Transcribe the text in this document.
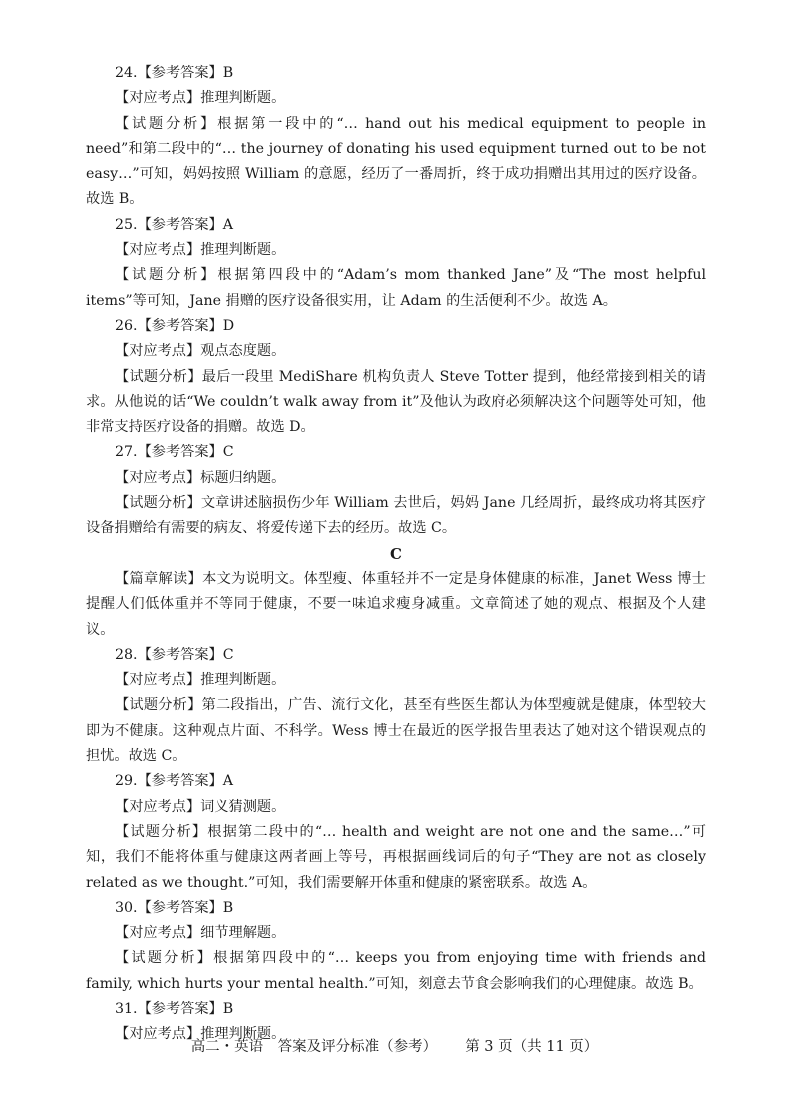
24.【参考答案】B
【对应考点】推理判断题。

【试题分析】根据第一段中的“… hand out his medical equipment to people in need”和第二段中的“… the journey of donating his used equipment turned out to be not easy…”可知，妈妈按照 William 的意愿，经历了一番周折，终于成功捐赠出其用过的医疗设备。故选 B。

25.【参考答案】A
【对应考点】推理判断题。

【试题分析】根据第四段中的“Adam’s mom thanked Jane”及“The most helpful items”等可知，Jane 捐赠的医疗设备很实用，让 Adam 的生活便利不少。故选 A。

26.【参考答案】D
【对应考点】观点态度题。

【试题分析】最后一段里 MediShare 机构负责人 Steve Totter 提到，他经常接到相关的请求。从他说的话“We couldn’t walk away from it”及他认为政府必须解决这个问题等处可知，他非常支持医疗设备的捐赠。故选 D。

27.【参考答案】C
【对应考点】标题归纳题。

【试题分析】文章讲述脑损伤少年 William 去世后，妈妈 Jane 几经周折，最终成功将其医疗设备捐赠给有需要的病友、将爱传递下去的经历。故选 C。

C

【篇章解读】本文为说明文。体型瘦、体重轻并不一定是身体健康的标准，Janet Wess 博士提醒人们低体重并不等同于健康，不要一味追求瘦身减重。文章简述了她的观点、根据及个人建议。

28.【参考答案】C
【对应考点】推理判断题。

【试题分析】第二段指出，广告、流行文化，甚至有些医生都认为体型瘦就是健康，体型较大即为不健康。这种观点片面、不科学。Wess 博士在最近的医学报告里表达了她对这个错误观点的担忧。故选 C。

29.【参考答案】A
【对应考点】词义猜测题。

【试题分析】根据第二段中的“… health and weight are not one and the same…”可知，我们不能将体重与健康这两者画上等号，再根据画线词后的句子“They are not as closely related as we thought.”可知，我们需要解开体重和健康的紧密联系。故选 A。

30.【参考答案】B
【对应考点】细节理解题。

【试题分析】根据第四段中的“… keeps you from enjoying time with friends and family, which hurts your mental health.”可知，刻意去节食会影响我们的心理健康。故选 B。

31.【参考答案】B
【对应考点】推理判断题。
高二・英语　答案及评分标准（参考） 第 3 页（共 11 页）
